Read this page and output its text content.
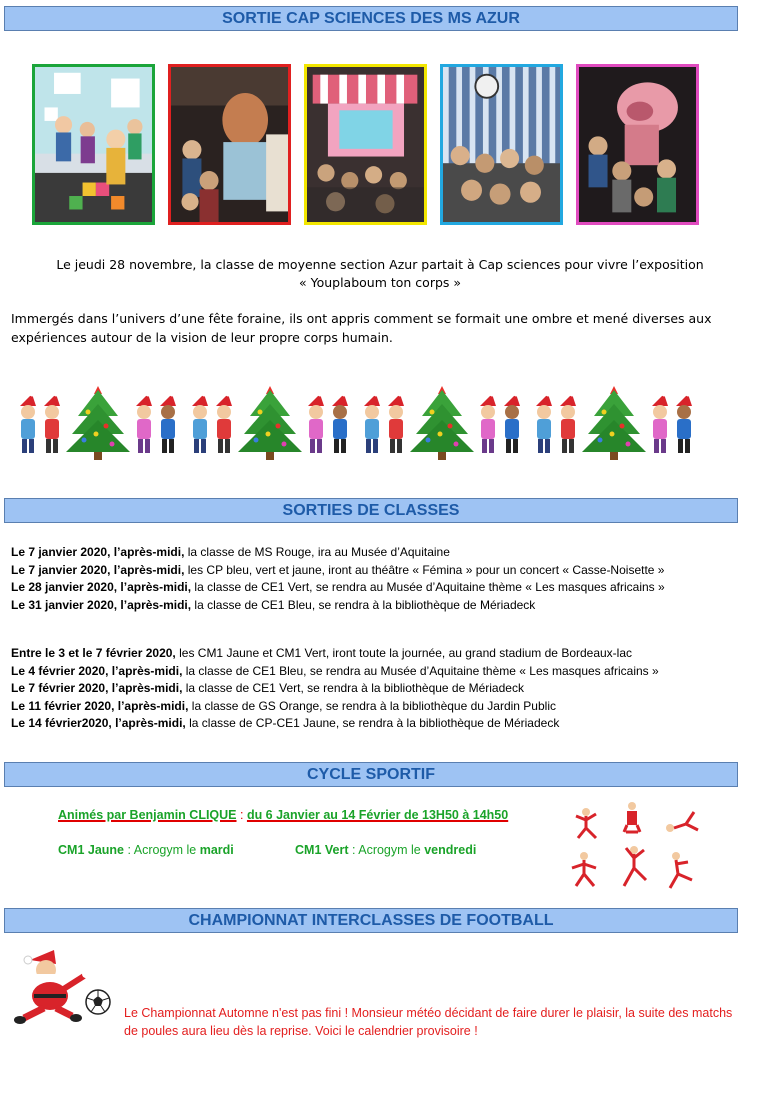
SORTIE CAP SCIENCES DES MS AZUR
Le jeudi 28 novembre, la classe de moyenne section Azur partait à Cap sciences pour vivre l’exposition
« Youplaboum ton corps »
Immergés dans l’univers d’une fête foraine, ils ont appris comment se formait une ombre et mené diverses aux expériences autour de la vision de leur propre corps humain.
SORTIES DE CLASSES
Le 7 janvier 2020, l’après-midi, la classe de MS Rouge, ira au Musée d’Aquitaine
Le 7 janvier 2020, l’après-midi, les CP bleu, vert et jaune, iront au théâtre « Fémina » pour un concert « Casse-Noisette »
Le 28 janvier 2020, l’après-midi, la classe de CE1 Vert, se rendra au Musée d’Aquitaine thème « Les masques africains »
Le 31 janvier 2020, l’après-midi, la classe de CE1 Bleu, se rendra à la bibliothèque de Mériadeck
Entre le 3 et le 7 février 2020, les CM1 Jaune et CM1 Vert, iront toute la journée, au grand stadium de Bordeaux-lac
Le 4 février 2020, l’après-midi, la classe de CE1 Bleu, se rendra au Musée d’Aquitaine thème « Les masques africains »
Le 7 février 2020, l’après-midi, la classe de CE1 Vert, se rendra à la bibliothèque de Mériadeck
Le 11 février 2020, l’après-midi, la classe de GS Orange, se rendra à la bibliothèque du Jardin Public
Le 14 février2020, l’après-midi, la classe de CP-CE1 Jaune, se rendra à la bibliothèque de Mériadeck
CYCLE SPORTIF
Animés par Benjamin CLIQUE : du 6 Janvier au 14 Février de 13H50 à 14h50
CM1 Jaune : Acrogym le mardi	CM1 Vert : Acrogym le vendredi
CHAMPIONNAT INTERCLASSES DE FOOTBALL
Le Championnat Automne n'est pas fini ! Monsieur météo décidant de faire durer le plaisir, la suite des matchs de poules aura lieu dès la reprise. Voici le calendrier provisoire !
